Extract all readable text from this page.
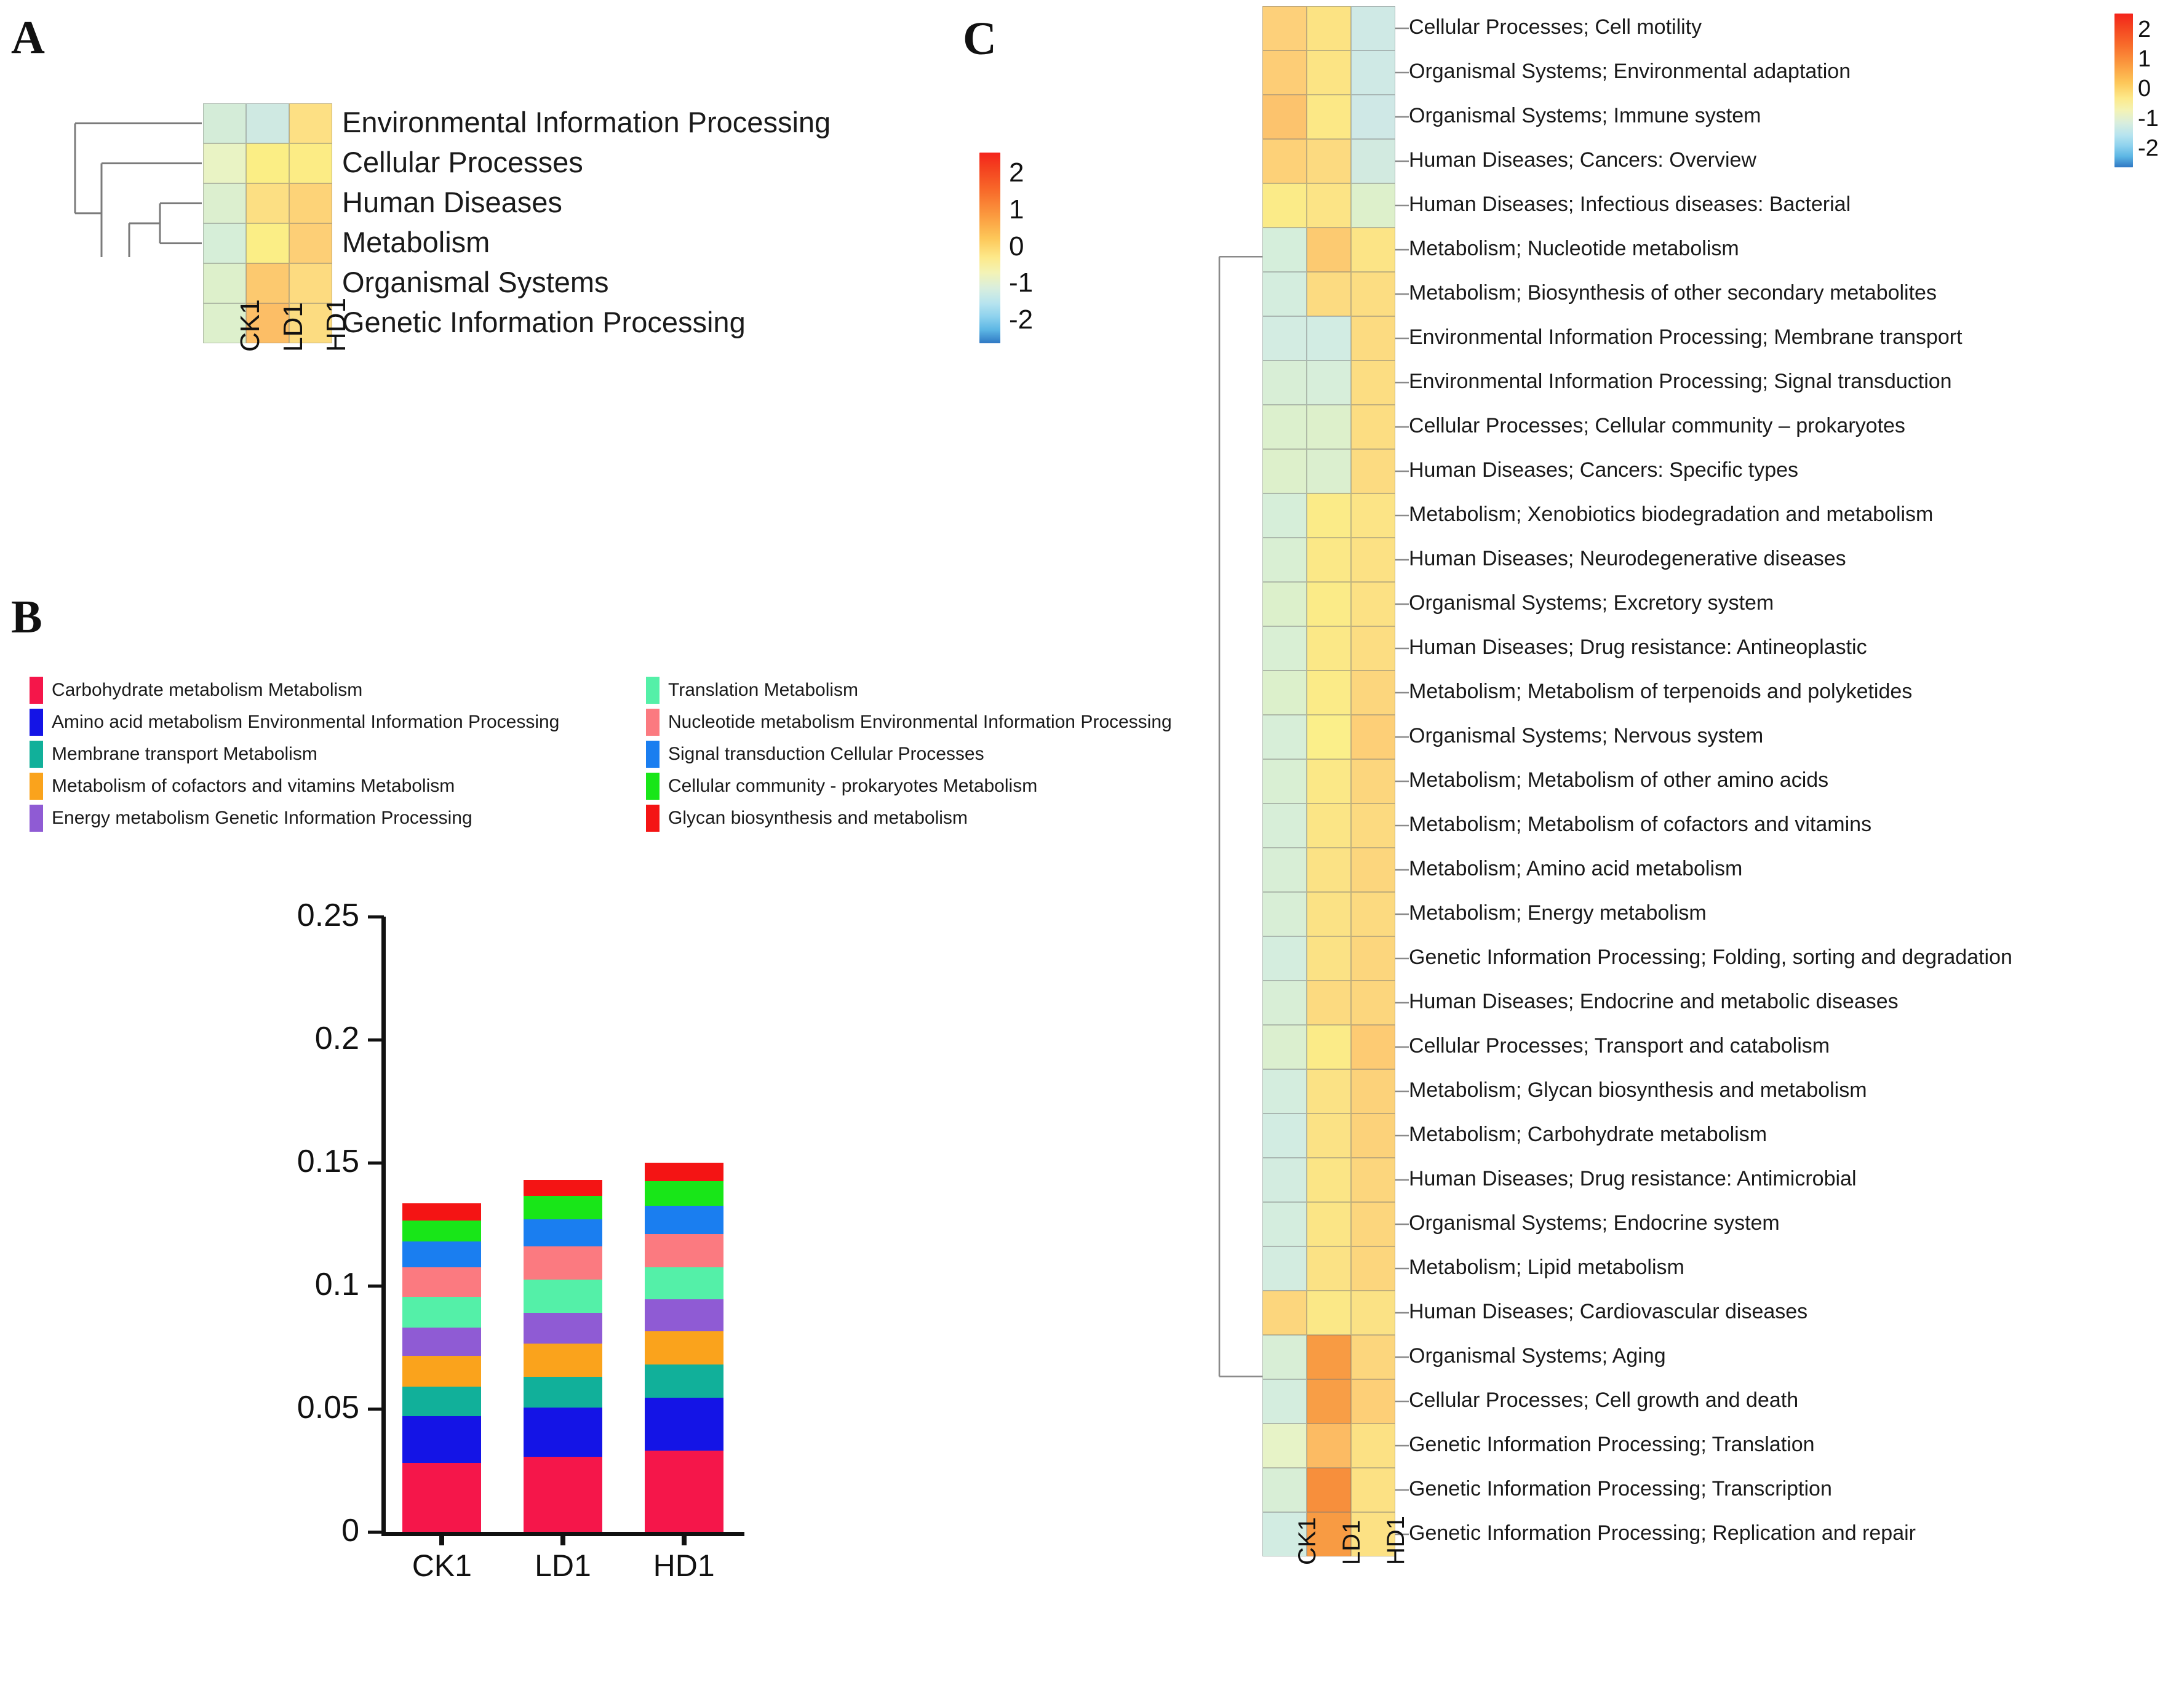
A
Environmental Information Processing
Cellular Processes
Human Diseases
Metabolism
Organismal Systems
Genetic Information Processing
CK1 LD1 HD1
2
1
0
-1
-2
B
Carbohydrate metabolism Metabolism
Amino acid metabolism Environmental Information Processing
Membrane transport Metabolism
Metabolism of cofactors and vitamins Metabolism
Energy metabolism Genetic Information Processing
Translation Metabolism
Nucleotide metabolism Environmental Information Processing
Signal transduction Cellular Processes
Cellular community - prokaryotes Metabolism
Glycan biosynthesis and metabolism
0
0.05
0.1
0.15
0.2
0.25
CK1	LD1	HD1
C	Cellular Processes; Cell motility
Organismal Systems; Environmental adaptation
Organismal Systems; Immune system
Human Diseases; Cancers: Overview
Human Diseases; Infectious diseases: Bacterial
Metabolism; Nucleotide metabolism
Metabolism; Biosynthesis of other secondary metabolites
Environmental Information Processing; Membrane transport
Environmental Information Processing; Signal transduction
Cellular Processes; Cellular community – prokaryotes
Human Diseases; Cancers: Specific types
Metabolism; Xenobiotics biodegradation and metabolism
Human Diseases; Neurodegenerative diseases
Organismal Systems; Excretory system
Human Diseases; Drug resistance: Antineoplastic
Metabolism; Metabolism of terpenoids and polyketides
Organismal Systems; Nervous system
Metabolism; Metabolism of other amino acids
Metabolism; Metabolism of cofactors and vitamins
Metabolism; Amino acid metabolism
Metabolism; Energy metabolism
Genetic Information Processing; Folding, sorting and degradation
Human Diseases; Endocrine and metabolic diseases
Cellular Processes; Transport and catabolism
Metabolism; Glycan biosynthesis and metabolism
Metabolism; Carbohydrate metabolism
Human Diseases; Drug resistance: Antimicrobial
Organismal Systems; Endocrine system
Metabolism; Lipid metabolism
Human Diseases; Cardiovascular diseases
Organismal Systems; Aging
Cellular Processes; Cell growth and death
Genetic Information Processing; Translation
Genetic Information Processing; Transcription
Genetic Information Processing; Replication and repair
CK1 LD1 HD1
2
1
0
-1
-2
